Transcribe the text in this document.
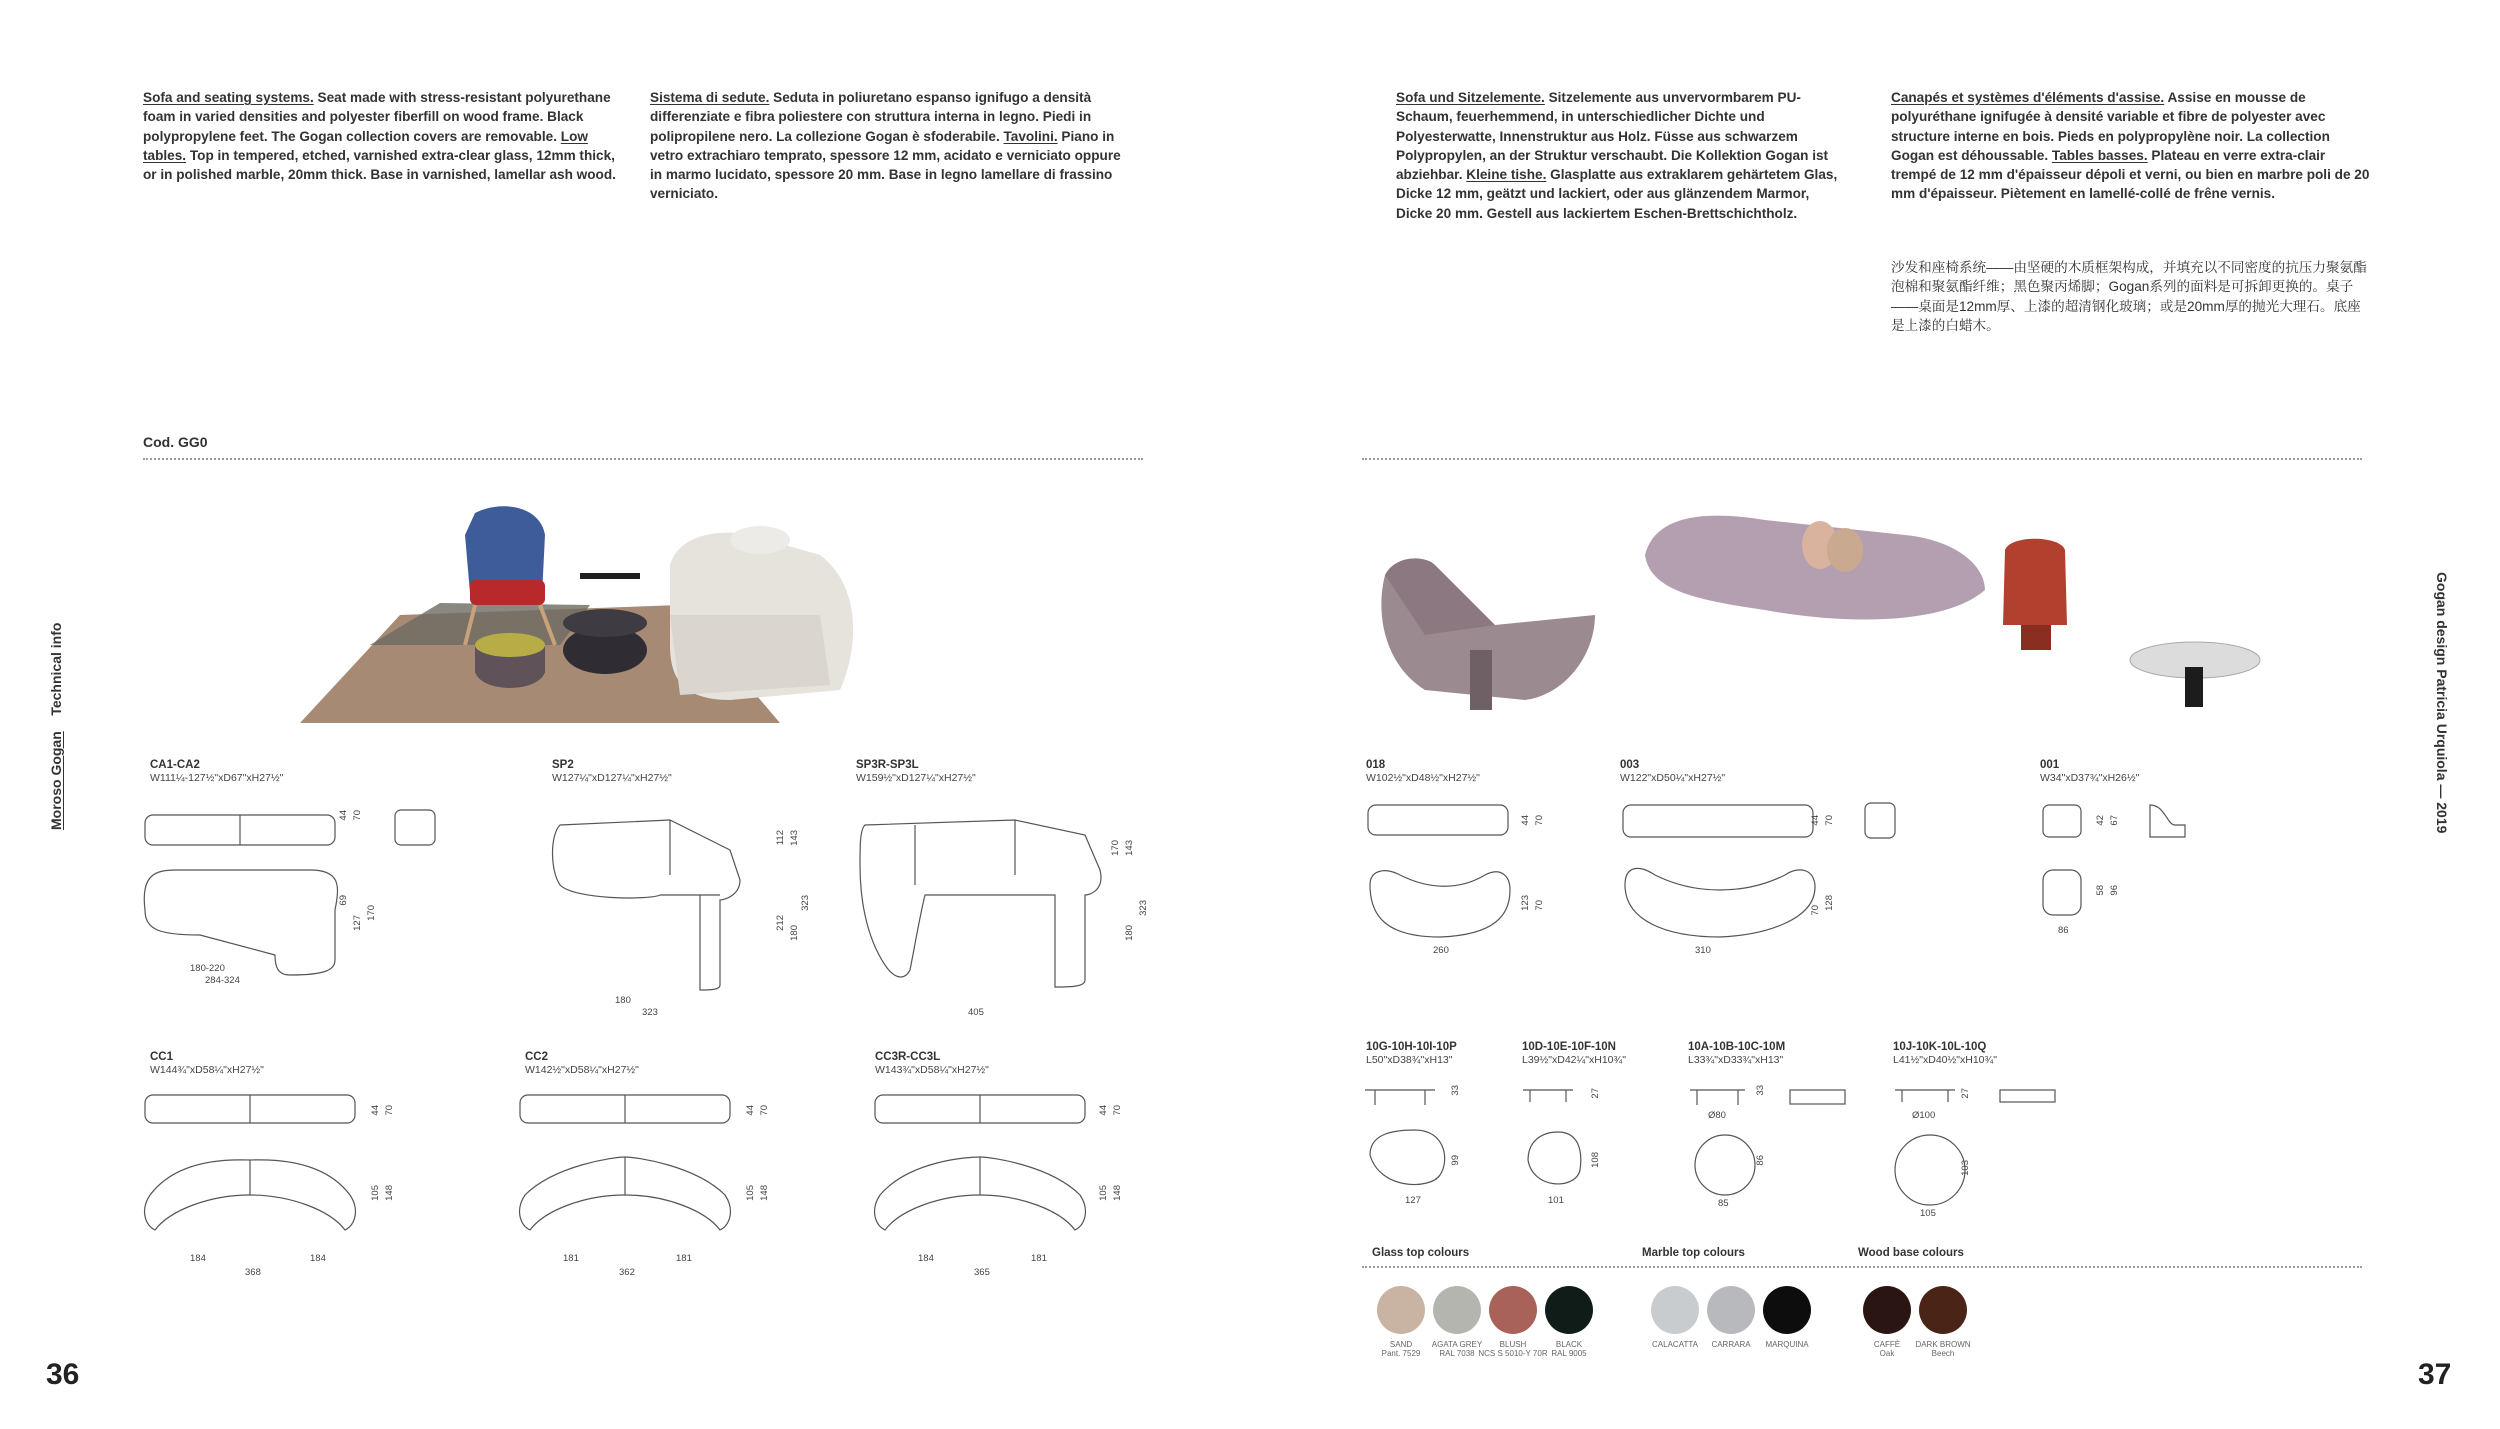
Sofa and seating systems. Seat made with stress-resistant polyurethane foam in varied densities and polyester fiberfill on wood frame. Black polypropylene feet. The Gogan collection covers are removable. Low tables. Top in tempered, etched, varnished extra-clear glass, 12mm thick, or in polished marble, 20mm thick. Base in varnished, lamellar ash wood.
Sistema di sedute. Seduta in poliuretano espanso ignifugo a densità differenziate e fibra poliestere con struttura interna in legno. Piedi in polipropilene nero. La collezione Gogan è sfoderabile. Tavolini. Piano in vetro extrachiaro temprato, spessore 12 mm, acidato e verniciato oppure in marmo lucidato, spessore 20 mm. Base in legno lamellare di frassino verniciato.
Sofa und Sitzelemente. Sitzelemente aus unvervormbarem PU-Schaum, feuerhemmend, in unterschiedlicher Dichte und Polyesterwatte, Innenstruktur aus Holz. Füsse aus schwarzem Polypropylen, an der Struktur verschaubt. Die Kollektion Gogan ist abziehbar. Kleine tishe. Glasplatte aus extraklarem gehärtetem Glas, Dicke 12 mm, geätzt und lackiert, oder aus glänzendem Marmor, Dicke 20 mm. Gestell aus lackiertem Eschen-Brettschichtholz.
Canapés et systèmes d'éléments d'assise. Assise en mousse de polyuréthane ignifugée à densité variable et fibre de polyester avec structure interne en bois. Pieds en polypropylène noir. La collection Gogan est déhoussable. Tables basses. Plateau en verre extra-clair trempé de 12 mm d'épaisseur dépoli et verni, ou bien en marbre poli de 20 mm d'épaisseur. Piètement en lamellé-collé de frêne vernis.
沙发和座椅系统——由坚硬的木质框架构成，并填充以不同密度的抗压力聚氨酯泡棉和聚氨酯纤维；黑色聚丙烯脚；Gogan系列的面料是可拆卸更换的。桌子——桌面是12mm厚、上漆的超清钢化玻璃；或是20mm厚的抛光大理石。底座是上漆的白蜡木。
Cod. GG0
Moroso Gogan    Technical info	Gogan design Patricia Urquiola — 2019
36	37
CA1-CA2
W111¼-127½"xD67"xH27½"
SP2
W127¼"xD127¼"xH27½"
SP3R-SP3L
W159½"xD127¼"xH27½"
CC1
W144¾"xD58¼"xH27½"
CC2
W142½"xD58¼"xH27½"
CC3R-CC3L
W143¾"xD58¼"xH27½"
018
W102½"xD48½"xH27½"
003
W122"xD50¼"xH27½"
001
W34"xD37¾"xH26½"
10G-10H-10I-10P
L50"xD38¾"xH13"
10D-10E-10F-10N
L39½"xD42¼"xH10¾"
10A-10B-10C-10M
L33¾"xD33¾"xH13"
10J-10K-10L-10Q
L41½"xD40½"xH10¾"
44 70
69
127
170
180-220
284-324
112 143
212
180
323
180
323
170 143
180
323
405
44 70
105 148
184	184
368
44 70
105 148
181	181
362
44 70
105 148
184	181
365
44 70
123 70
260
44 70
70 128
310
42 67
58 96
86
33
99
127
27
108
101
33
Ø80
86
85
27
Ø100
103
105
Glass top colours	Marble top colours	Wood base colours
SAND
Pant. 7529
AGATA GREY
RAL 7038
BLUSH
NCS S 5010-Y 70R
BLACK
RAL 9005
CALACATTA	CARRARA	MARQUINA	CAFFÈ
Oak
DARK BROWN
Beech
